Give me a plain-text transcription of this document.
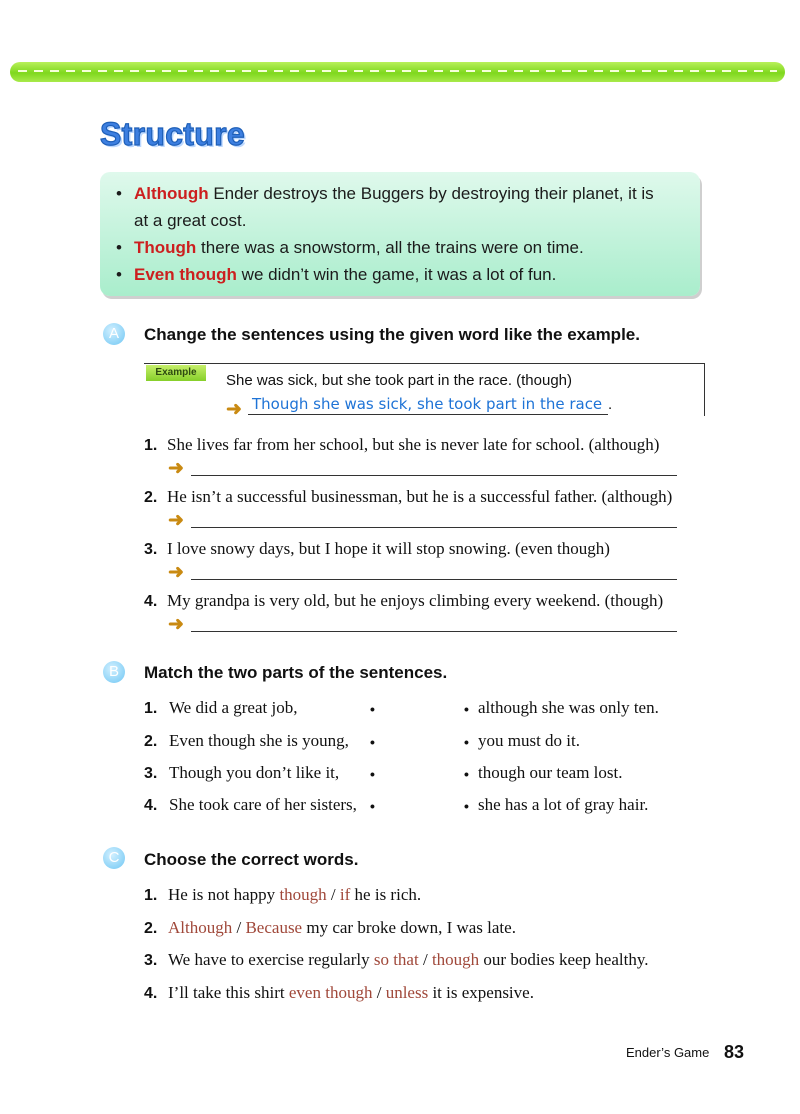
Structure
• Although Ender destroys the Buggers by destroying their planet, it is
at a great cost.
• Though there was a snowstorm, all the trains were on time.
• Even though we didn’t win the game, it was a lot of fun.
A	Change the sentences using the given word like the example.
Example	She was sick, but she took part in the race. (though)
➜ Though she was sick, she took part in the race .
1. She lives far from her school, but she is never late for school. (although)
➜
2. He isn’t a successful businessman, but he is a successful father. (although)
➜
3. I love snowy days, but I hope it will stop snowing. (even though)
➜
4. My grandpa is very old, but he enjoys climbing every weekend. (though)
➜
B	Match the two parts of the sentences.
1. We did a great job,	•	• although she was only ten.
2. Even though she is young, •	• you must do it.
3. Though you don’t like it, •	• though our team lost.
4. She took care of her sisters, •	• she has a lot of gray hair.
C	Choose the correct words.
1. He is not happy though / if he is rich.
2. Although / Because my car broke down, I was late.
3. We have to exercise regularly so that / though our bodies keep healthy.
4. I’ll take this shirt even though / unless it is expensive.
Ender’s Game 83
